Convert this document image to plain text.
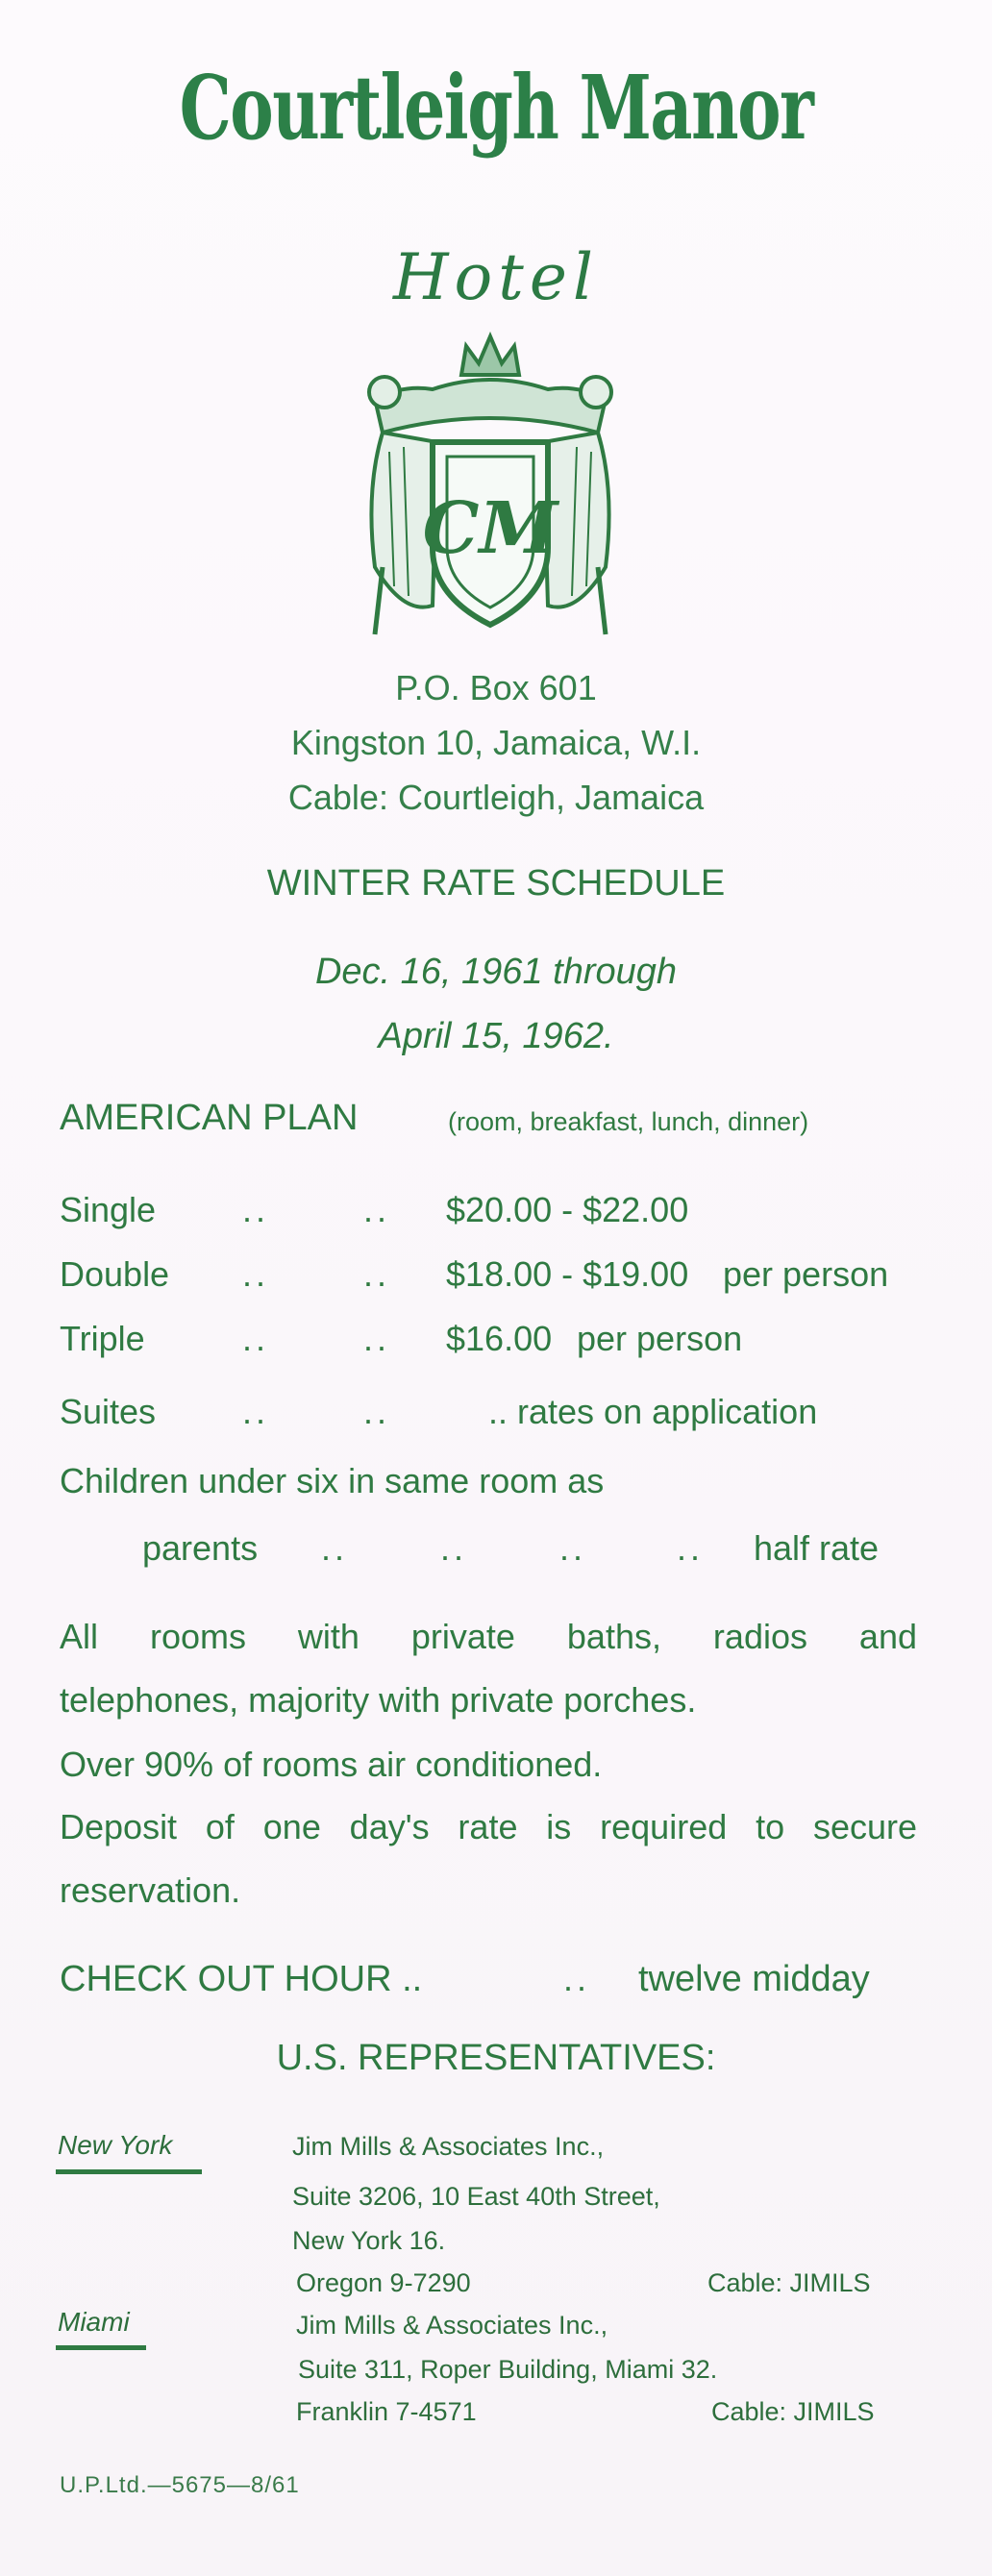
Courtleigh Manor
Hotel
CM
P.O. Box 601
Kingston 10, Jamaica, W.I.
Cable: Courtleigh, Jamaica
WINTER RATE SCHEDULE
Dec. 16, 1961 through
April 15, 1962.
AMERICAN PLAN	(room, breakfast, lunch, dinner)
Single ..	.. $20.00 - $22.00
Double ..	.. $18.00 - $19.00 per person
Triple	..	.. $16.00 per person
Suites ..	..	.. rates on application
Children under six in same room as
parents ..	..	..	.. half rate
All rooms with private baths, radios and
telephones, majority with private porches.
Over 90% of rooms air conditioned.
Deposit of one day's rate is required to secure
reservation.
CHECK OUT HOUR ..	.. twelve midday
U.S. REPRESENTATIVES:
New York	Jim Mills & Associates Inc.,
Suite 3206, 10 East 40th Street,
New York 16.
Oregon 9-7290	Cable: JIMILS
Miami	Jim Mills & Associates Inc.,
Suite 311, Roper Building, Miami 32.
Franklin 7-4571	Cable: JIMILS
U.P.Ltd.—5675—8/61
